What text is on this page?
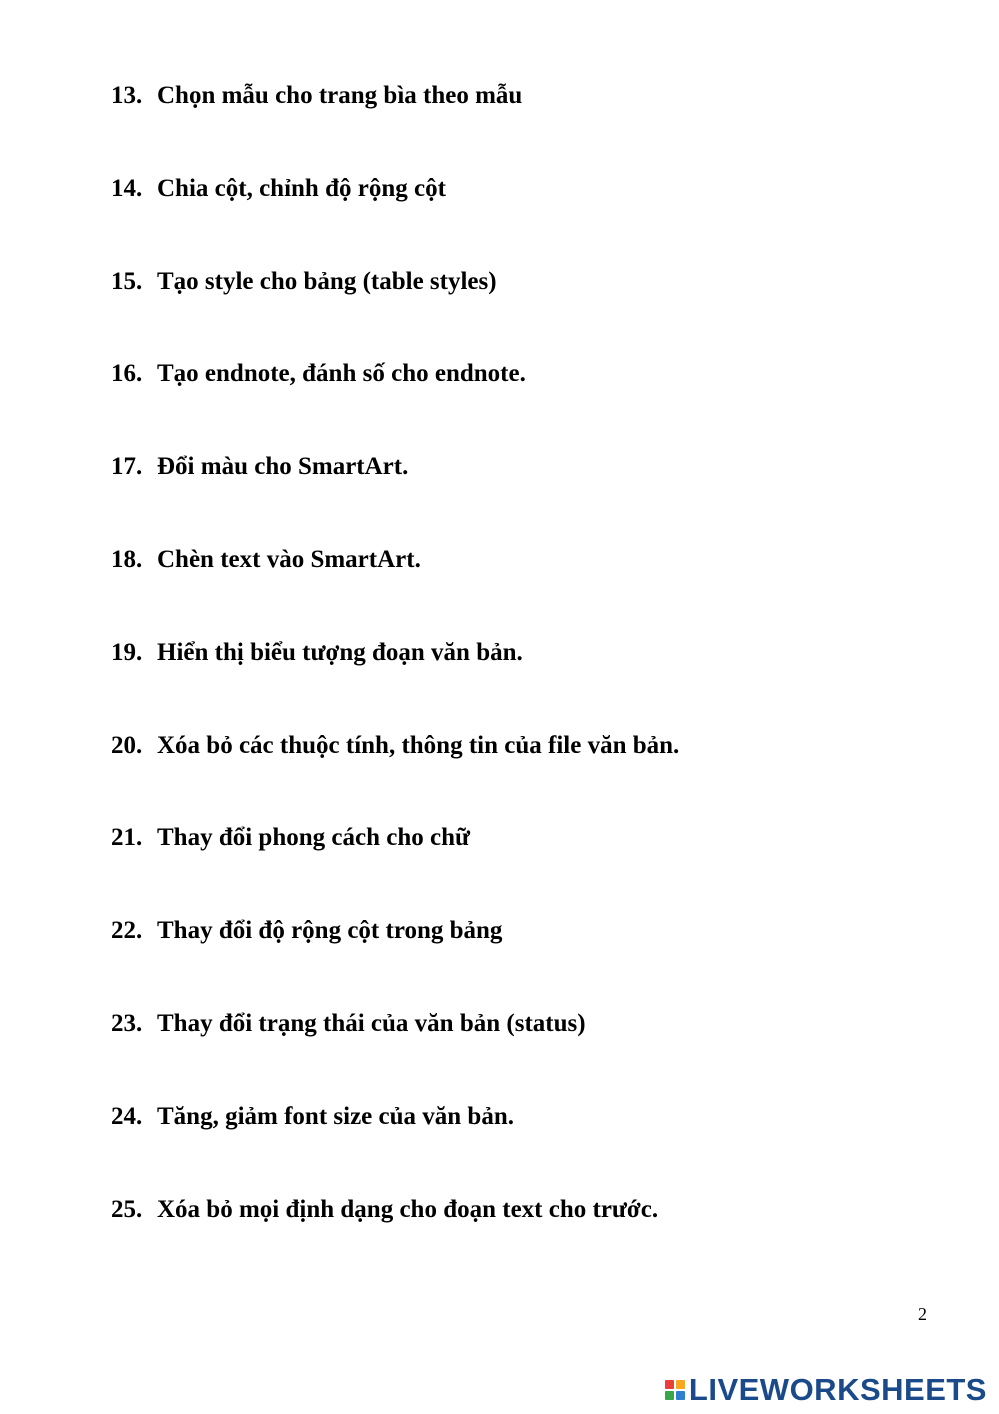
13. Chọn mẫu cho trang bìa theo mẫu
14. Chia cột, chỉnh độ rộng cột
15. Tạo style cho bảng (table styles)
16. Tạo endnote, đánh số cho endnote.
17. Đổi màu cho SmartArt.
18. Chèn text vào SmartArt.
19. Hiển thị biểu tượng đoạn văn bản.
20. Xóa bỏ các thuộc tính, thông tin của file văn bản.
21. Thay đổi phong cách cho chữ
22. Thay đổi độ rộng cột trong bảng
23. Thay đổi trạng thái của văn bản (status)
24. Tăng, giảm font size của văn bản.
25. Xóa bỏ mọi định dạng cho đoạn text cho trước.
2
LIVEWORKSHEETS
